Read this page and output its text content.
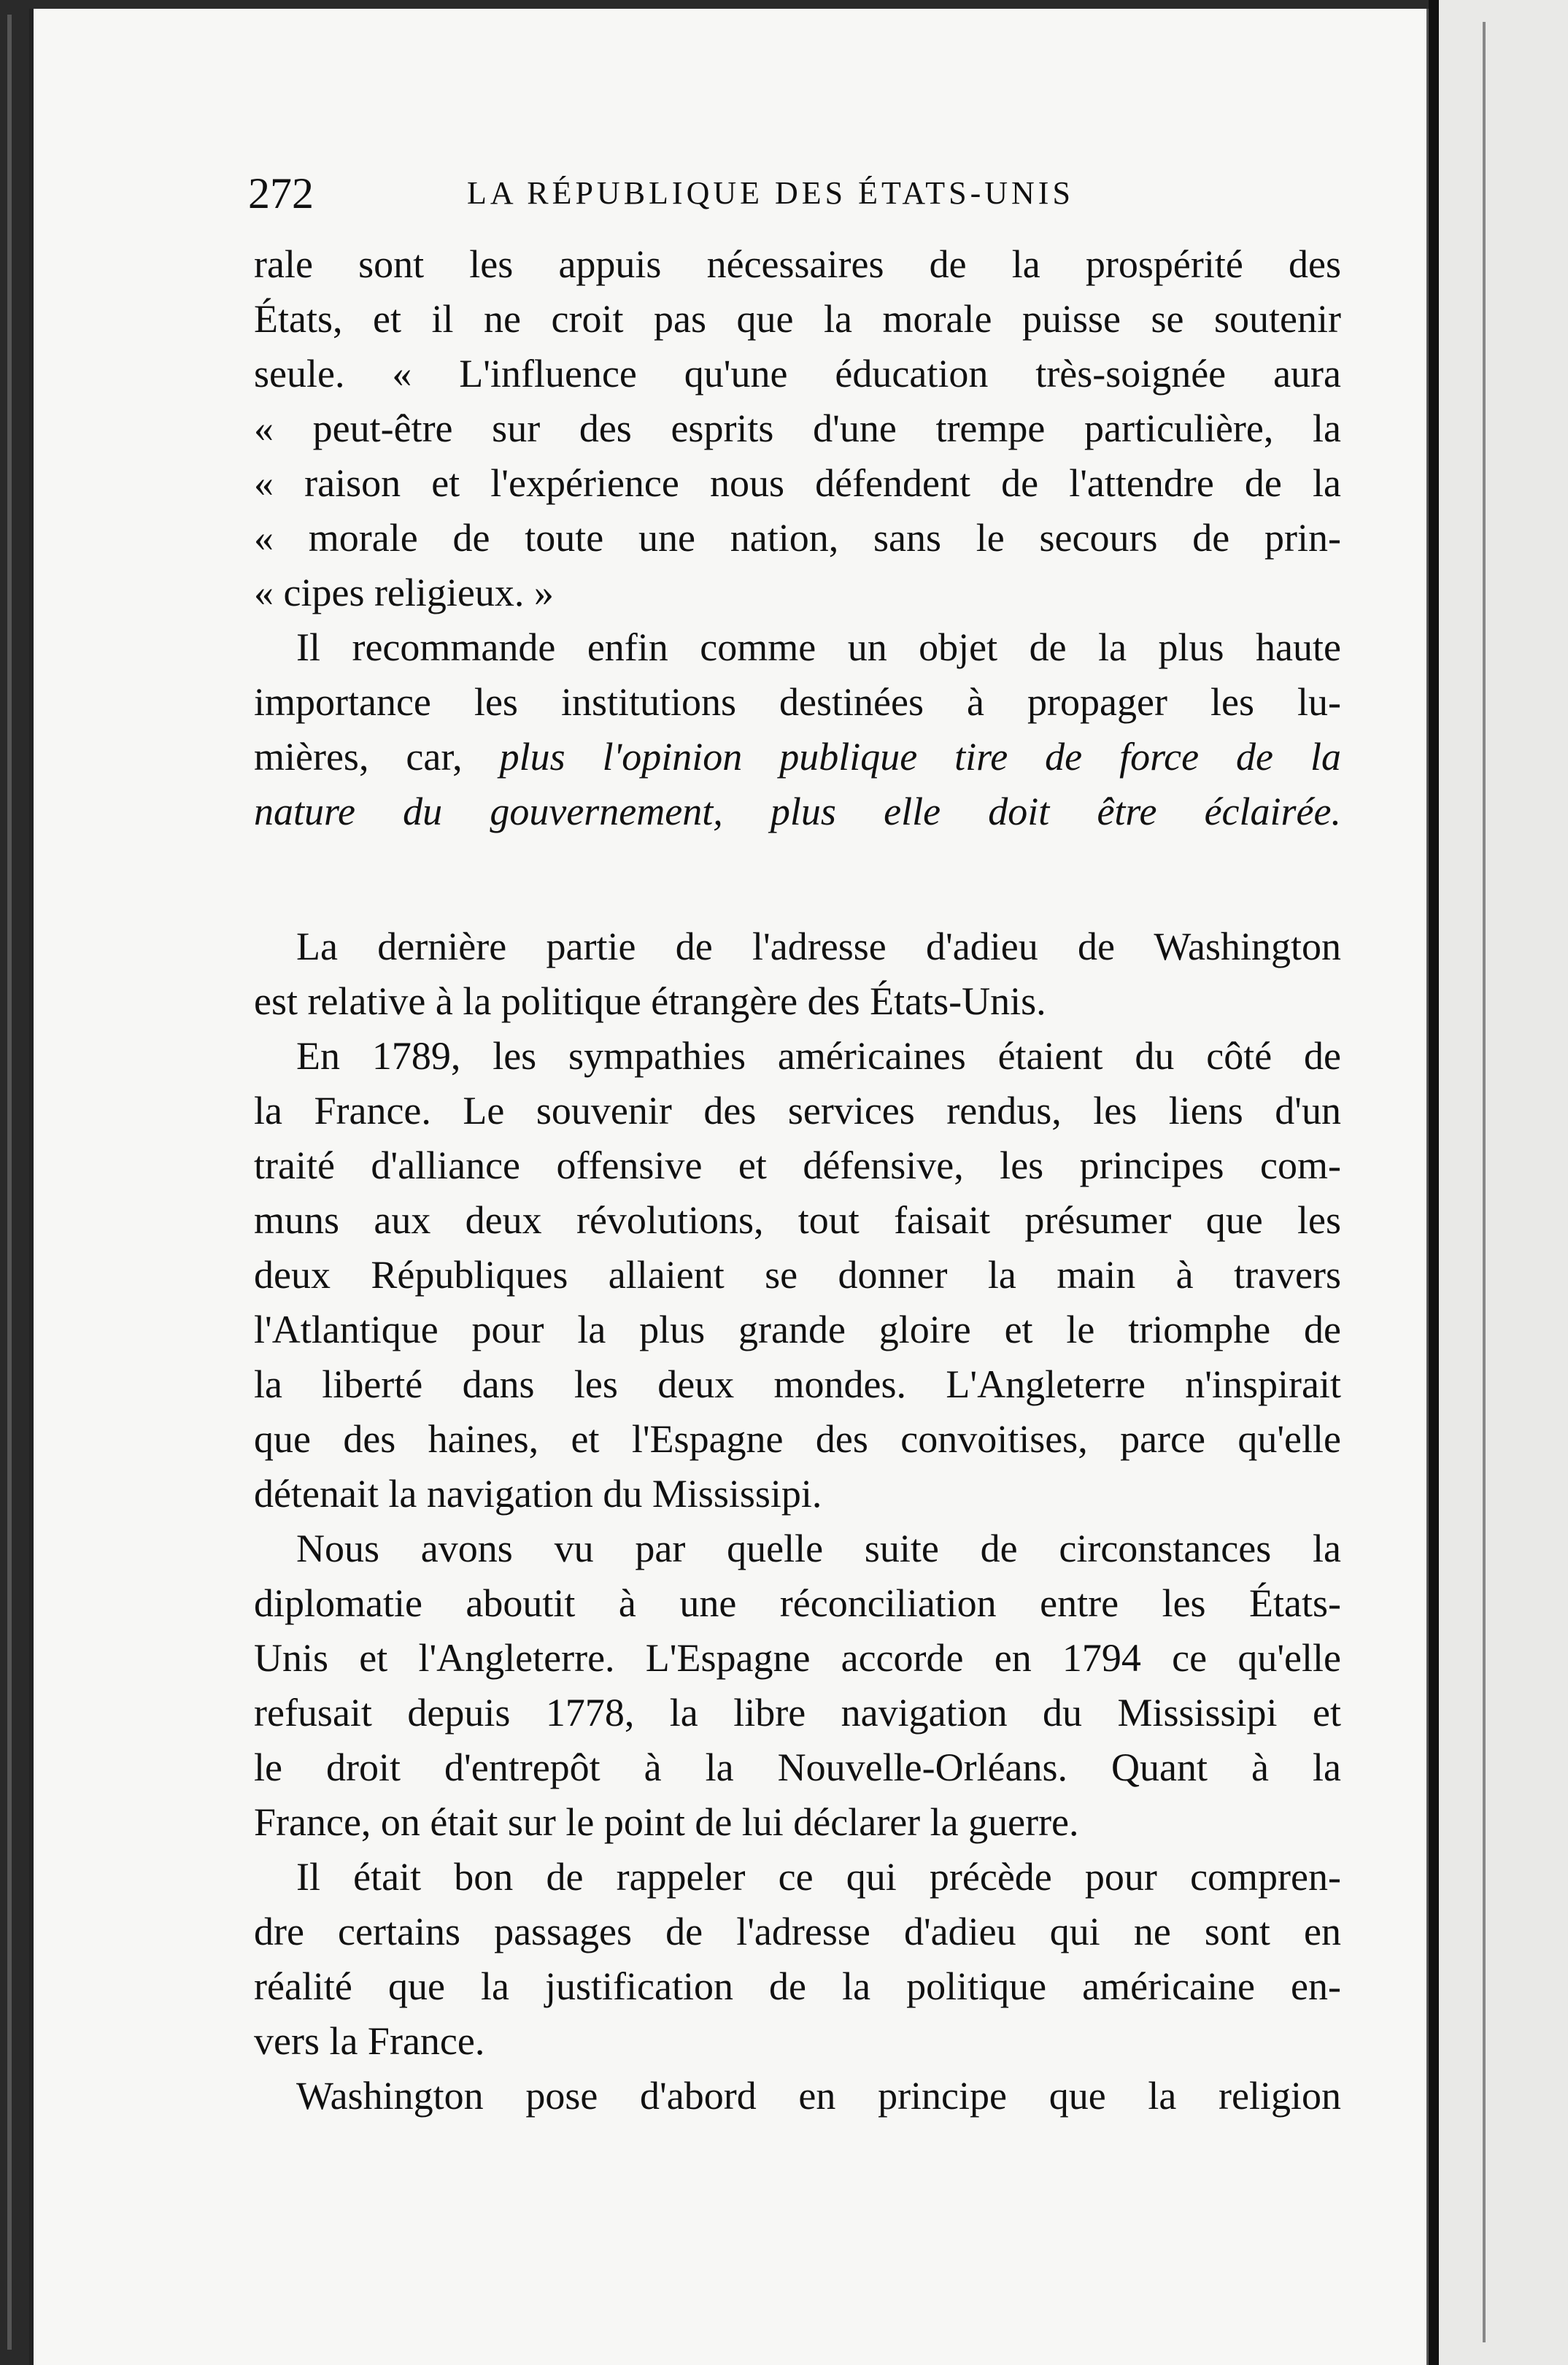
272	LA RÉPUBLIQUE DES ÉTATS-UNIS
rale sont les appuis nécessaires de la prospérité des
États, et il ne croit pas que la morale puisse se soutenir
seule. « L'influence qu'une éducation très-soignée aura
« peut-être sur des esprits d'une trempe particulière, la
« raison et l'expérience nous défendent de l'attendre de la
« morale de toute une nation, sans le secours de prin-
« cipes religieux. »
Il recommande enfin comme un objet de la plus haute
importance les institutions destinées à propager les lu-
mières, car, plus l'opinion publique tire de force de la
nature du gouvernement, plus elle doit être éclairée.
La dernière partie de l'adresse d'adieu de Washington
est relative à la politique étrangère des États-Unis.
En 1789, les sympathies américaines étaient du côté de
la France. Le souvenir des services rendus, les liens d'un
traité d'alliance offensive et défensive, les principes com-
muns aux deux révolutions, tout faisait présumer que les
deux Républiques allaient se donner la main à travers
l'Atlantique pour la plus grande gloire et le triomphe de
la liberté dans les deux mondes. L'Angleterre n'inspirait
que des haines, et l'Espagne des convoitises, parce qu'elle
détenait la navigation du Mississipi.
Nous avons vu par quelle suite de circonstances la
diplomatie aboutit à une réconciliation entre les États-
Unis et l'Angleterre. L'Espagne accorde en 1794 ce qu'elle
refusait depuis 1778, la libre navigation du Mississipi et
le droit d'entrepôt à la Nouvelle-Orléans. Quant à la
France, on était sur le point de lui déclarer la guerre.
Il était bon de rappeler ce qui précède pour compren-
dre certains passages de l'adresse d'adieu qui ne sont en
réalité que la justification de la politique américaine en-
vers la France.
Washington pose d'abord en principe que la religion
